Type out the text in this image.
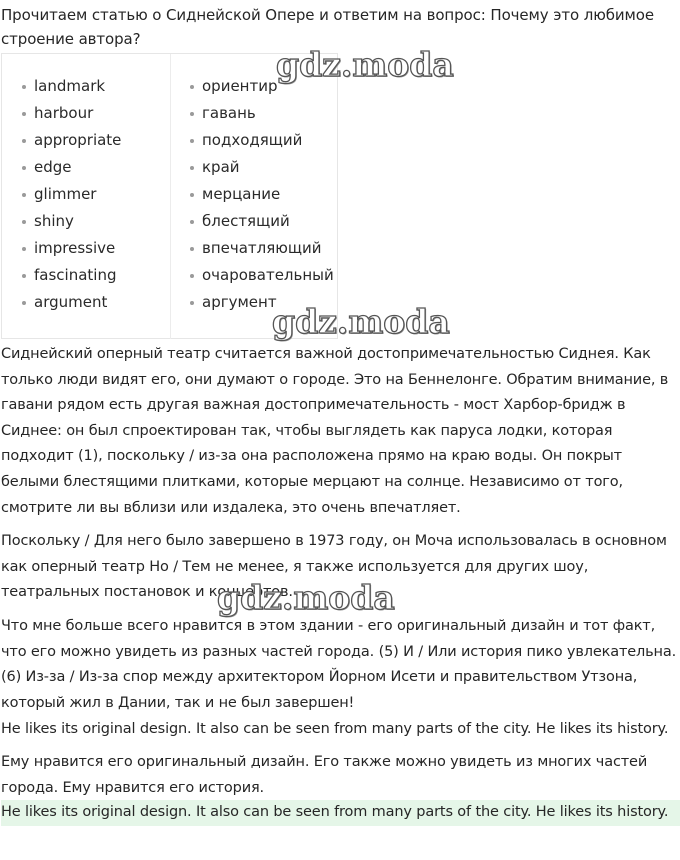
Прочитаем статью о Сиднейской Опере и ответим на вопрос: Почему это любимое строение автора?

landmark
harbour
appropriate
edge
glimmer
shiny
impressive
fascinating
argument
ориентир
гавань
подходящий
край
мерцание
блестящий
впечатляющий
очаровательный
аргумент

Сиднейский оперный театр считается важной достопримечательностью Сиднея. Как только люди видят его, они думают о городе. Это на Беннелонге. Обратим внимание, в гавани рядом есть другая важная достопримечательность - мост Харбор-бридж в Сиднее: он был спроектирован так, чтобы выглядеть как паруса лодки, которая подходит (1), поскольку / из-за она расположена прямо на краю воды. Он покрыт белыми блестящими плитками, которые мерцают на солнце. Независимо от того, смотрите ли вы вблизи или издалека, это очень впечатляет.

Поскольку / Для него было завершено в 1973 году, он Моча использовалась в основном как оперный театр Но / Тем не менее, я также используется для других шоу, театральных постановок и концертов.

Что мне больше всего нравится в этом здании - его оригинальный дизайн и тот факт, что его можно увидеть из разных частей города. (5) И / Или история пико увлекательна. (6) Из-за / Из-за спор между архитектором Йорном Исети и правительством Утзона, который жил в Дании, так и не был завершен!

He likes its original design. It also can be seen from many parts of the city. He likes its history.

Ему нравится его оригинальный дизайн. Его также можно увидеть из многих частей города. Ему нравится его история.

He likes its original design. It also can be seen from many parts of the city. He likes its history.

gdz.moda
gdz.moda
gdz.moda
